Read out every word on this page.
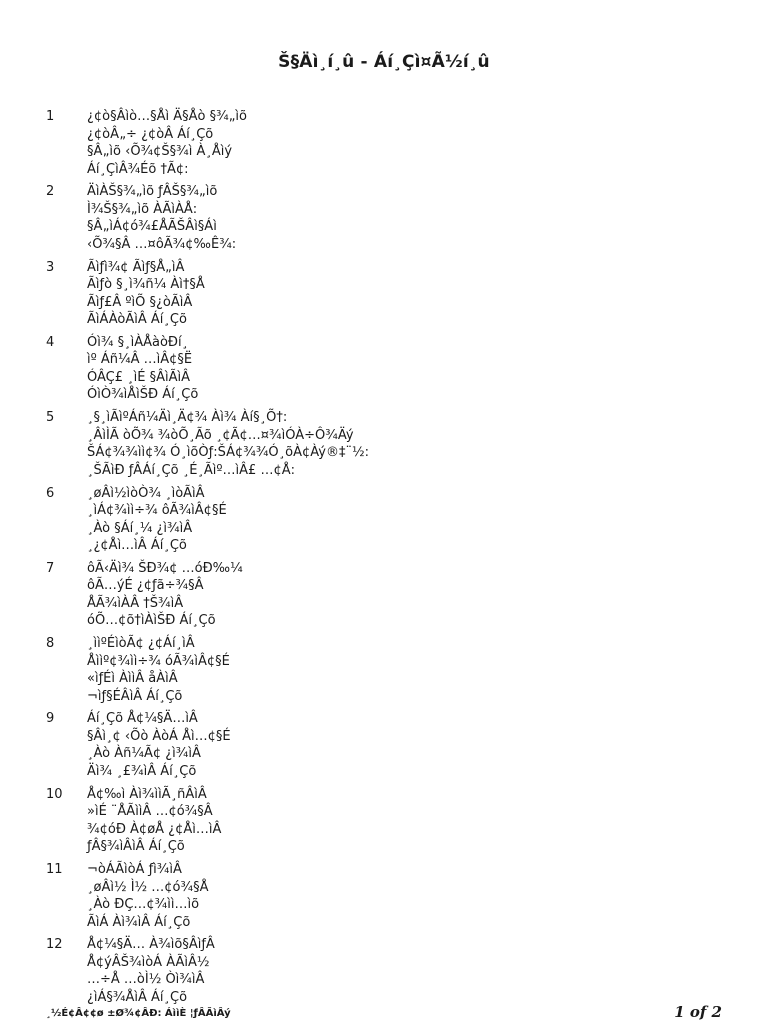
Š§Äì¸í¸û - Áí¸Çì¤Ã½í¸û
1	¿¢ò§Âìò…§Åì Ä§Åò §¾„ìõ
¿¢òÂ„÷ ¿¢òÂ Áí¸Çõ
§Â„ìõ ‹Õ¾¢Š§¾ì À¸Åìý
Áí¸ÇìÂ¾Éõ †Ã¢:
2	ÄìÀŠ§¾„ìõ ƒÂŠ§¾„ìõ
Ì¾Š§¾„ìõ ÀÃìÀÅ:
§Â„ìÁ¢ó¾£ÅÃŠÂì§Áì
‹Õ¾§Â …¤ôÃ¾¢‰Ê¾:
3	Ãìƒì¾¢ Ãìƒ§Å„ìÂ
Ãìƒò §¸ì¾ñ¼ Àì†§Å
Ãìƒ£Â ºìÕ §¿òÃìÂ
ÃìÁÀòÃìÂ Áí¸Çõ
4	Óì¾ §¸ìÀÅàòÐí¸
ìº Áñ¼Â …ìÂ¢§Ë
ÓÂÇ£ ¸ìÉ §ÂìÃìÂ
ÓìÒ¾ìÅìŠÐ Áí¸Çõ
5	¸§¸ìÃìºÁñ¼Äì¸Ä¢¾ Àì¾ Àí§¸Õ†:
¸ÂìÌÃ òÕ¾ ¾òÕ¸Ãõ ¸¢Ã¢…¤¾ìÓÀ÷Ô¾Äý
ŠÁ¢¾¾ìì¢¾ Ó¸ìõÒƒ:ŠÁ¢¾¾Ó¸õÀ¢Àý®‡¨½:
¸ŠÃìÐ ƒÂÁí¸Çõ ¸É¸Ãìº…ìÂ£ …¢Å:
6	¸øÂì½ìòÒ¾ ¸ìòÃìÂ
¸ìÁ¢¾ìì÷¾ ôÃ¾ìÂ¢§É
¸Àò §Áí¸¼ ¿ì¾ìÂ
¸¿¢Åì…ìÂ Áí¸Çõ
7	ôÃ‹Äì¾ ŠÐ¾¢ …óÐ‰¼
ôÃ…ýÉ ¿¢ƒã÷¾§Â
ÅÃ¾ìÀÂ †Š¾ìÂ
óÕ…¢õ†ìÀìŠÐ Áí¸Çõ
8	¸ììºÉìòÃ¢ ¿¢Áí¸ìÂ
Åììº¢¾ìì÷¾ óÃ¾ìÂ¢§É
«ìƒÉì ÀììÂ åÀìÂ
¬ìƒ§ÉÂìÂ Áí¸Çõ
9	Áí¸Çõ Å¢¼§Ä…ìÂ
§Âì¸¢ ‹Õò ÀòÁ Åì…¢§É
¸Àò Àñ¼Ã¢ ¿ì¾ìÂ
Äì¾ ¸£¾ìÂ Áí¸Çõ
10 Å¢‰ì Àì¾ììÃ¸ñÂìÂ
»ìÉ ¨ÅÃììÂ …¢ó¾§Â
¾¢óÐ À¢øÅ ¿¢Åì…ìÂ
ƒÂ§¾ìÂìÂ Áí¸Çõ
11 ¬òÁÃìòÁ ƒì¾ìÂ
¸øÂì½ Ì½ …¢ó¾§Å
¸Àò ÐÇ…¢¾ìì…ìõ
ÃìÁ Àì¾ìÂ Áí¸Çõ
12 Å¢¼§Ä… À¾ìõ§ÂìƒÂ
Å¢ýÂŠ¾ìòÁ ÀÃìÂ½
…÷Å …òÌ½ Òì¾ìÂ
¿ìÁ§¾ÅìÂ Áí¸Çõ
¸½É¢Â¢¢ø ±Ø¾¢ÂÐ: ÁììÈ ¦ƒÂÃìÂý	1 of 2
